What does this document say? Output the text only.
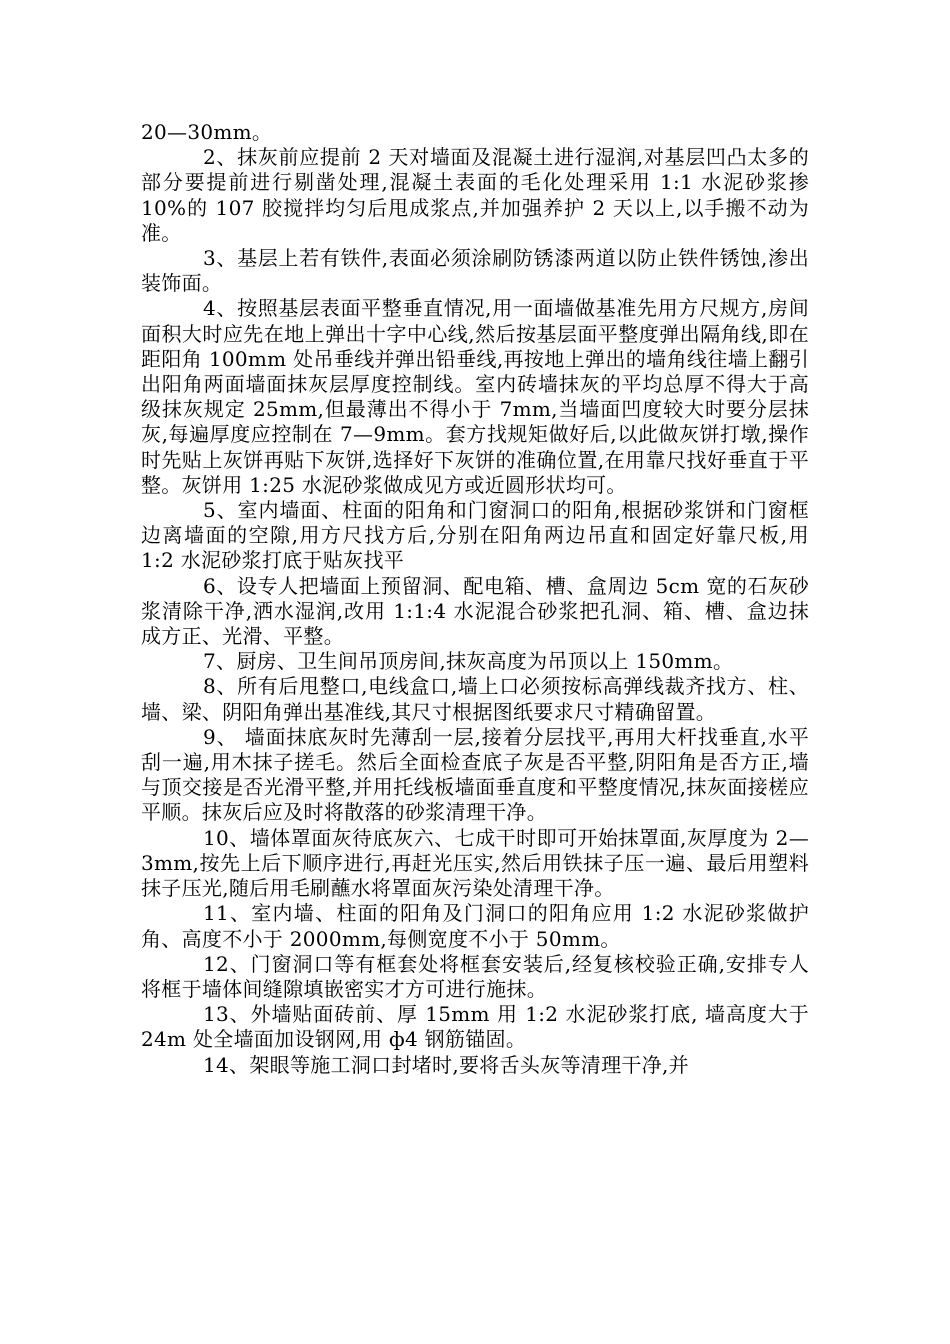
20—30mm。

2、抹灰前应提前 2 天对墙面及混凝土进行湿润,对基层凹凸太多的部分要提前进行剔凿处理,混凝土表面的毛化处理采用 1:1 水泥砂浆掺 10%的 107 胶搅拌均匀后甩成浆点,并加强养护 2 天以上,以手搬不动为准。

3、基层上若有铁件,表面必须涂刷防锈漆两道以防止铁件锈蚀,渗出装饰面。

4、按照基层表面平整垂直情况,用一面墙做基准先用方尺规方,房间面积大时应先在地上弹出十字中心线,然后按基层面平整度弹出隔角线,即在距阳角 100mm 处吊垂线并弹出铅垂线,再按地上弹出的墙角线往墙上翻引出阳角两面墙面抹灰层厚度控制线。室内砖墙抹灰的平均总厚不得大于高级抹灰规定 25mm,但最薄出不得小于 7mm,当墙面凹度较大时要分层抹灰,每遍厚度应控制在 7—9mm。套方找规矩做好后,以此做灰饼打墩,操作时先贴上灰饼再贴下灰饼,选择好下灰饼的准确位置,在用靠尺找好垂直于平整。灰饼用 1:25 水泥砂浆做成见方或近圆形状均可。

5、室内墙面、柱面的阳角和门窗洞口的阳角,根据砂浆饼和门窗框边离墙面的空隙,用方尺找方后,分别在阳角两边吊直和固定好靠尺板,用 1:2 水泥砂浆打底于贴灰找平

6、设专人把墙面上预留洞、配电箱、槽、盒周边 5cm 宽的石灰砂浆清除干净,洒水湿润,改用 1:1:4 水泥混合砂浆把孔洞、箱、槽、盒边抹成方正、光滑、平整。

7、厨房、卫生间吊顶房间,抹灰高度为吊顶以上 150mm。

8、所有后甩整口,电线盒口,墙上口必须按标高弹线裁齐找方、柱、墙、梁、阴阳角弹出基准线,其尺寸根据图纸要求尺寸精确留置。

9、 墙面抹底灰时先薄刮一层,接着分层找平,再用大杆找垂直,水平刮一遍,用木抹子搓毛。然后全面检查底子灰是否平整,阴阳角是否方正,墙与顶交接是否光滑平整,并用托线板墙面垂直度和平整度情况,抹灰面接槎应平顺。抹灰后应及时将散落的砂浆清理干净。

10、墙体罩面灰待底灰六、七成干时即可开始抹罩面,灰厚度为 2—3mm,按先上后下顺序进行,再赶光压实,然后用铁抹子压一遍、最后用塑料抹子压光,随后用毛刷蘸水将罩面灰污染处清理干净。

11、室内墙、柱面的阳角及门洞口的阳角应用 1:2 水泥砂浆做护角、高度不小于 2000mm,每侧宽度不小于 50mm。

12、门窗洞口等有框套处将框套安装后,经复核校验正确,安排专人将框于墙体间缝隙填嵌密实才方可进行施抹。

13、外墙贴面砖前、厚 15mm 用 1:2 水泥砂浆打底, 墙高度大于 24m 处全墙面加设钢网,用 ф4 钢筋锚固。

14、架眼等施工洞口封堵时,要将舌头灰等清理干净,并
